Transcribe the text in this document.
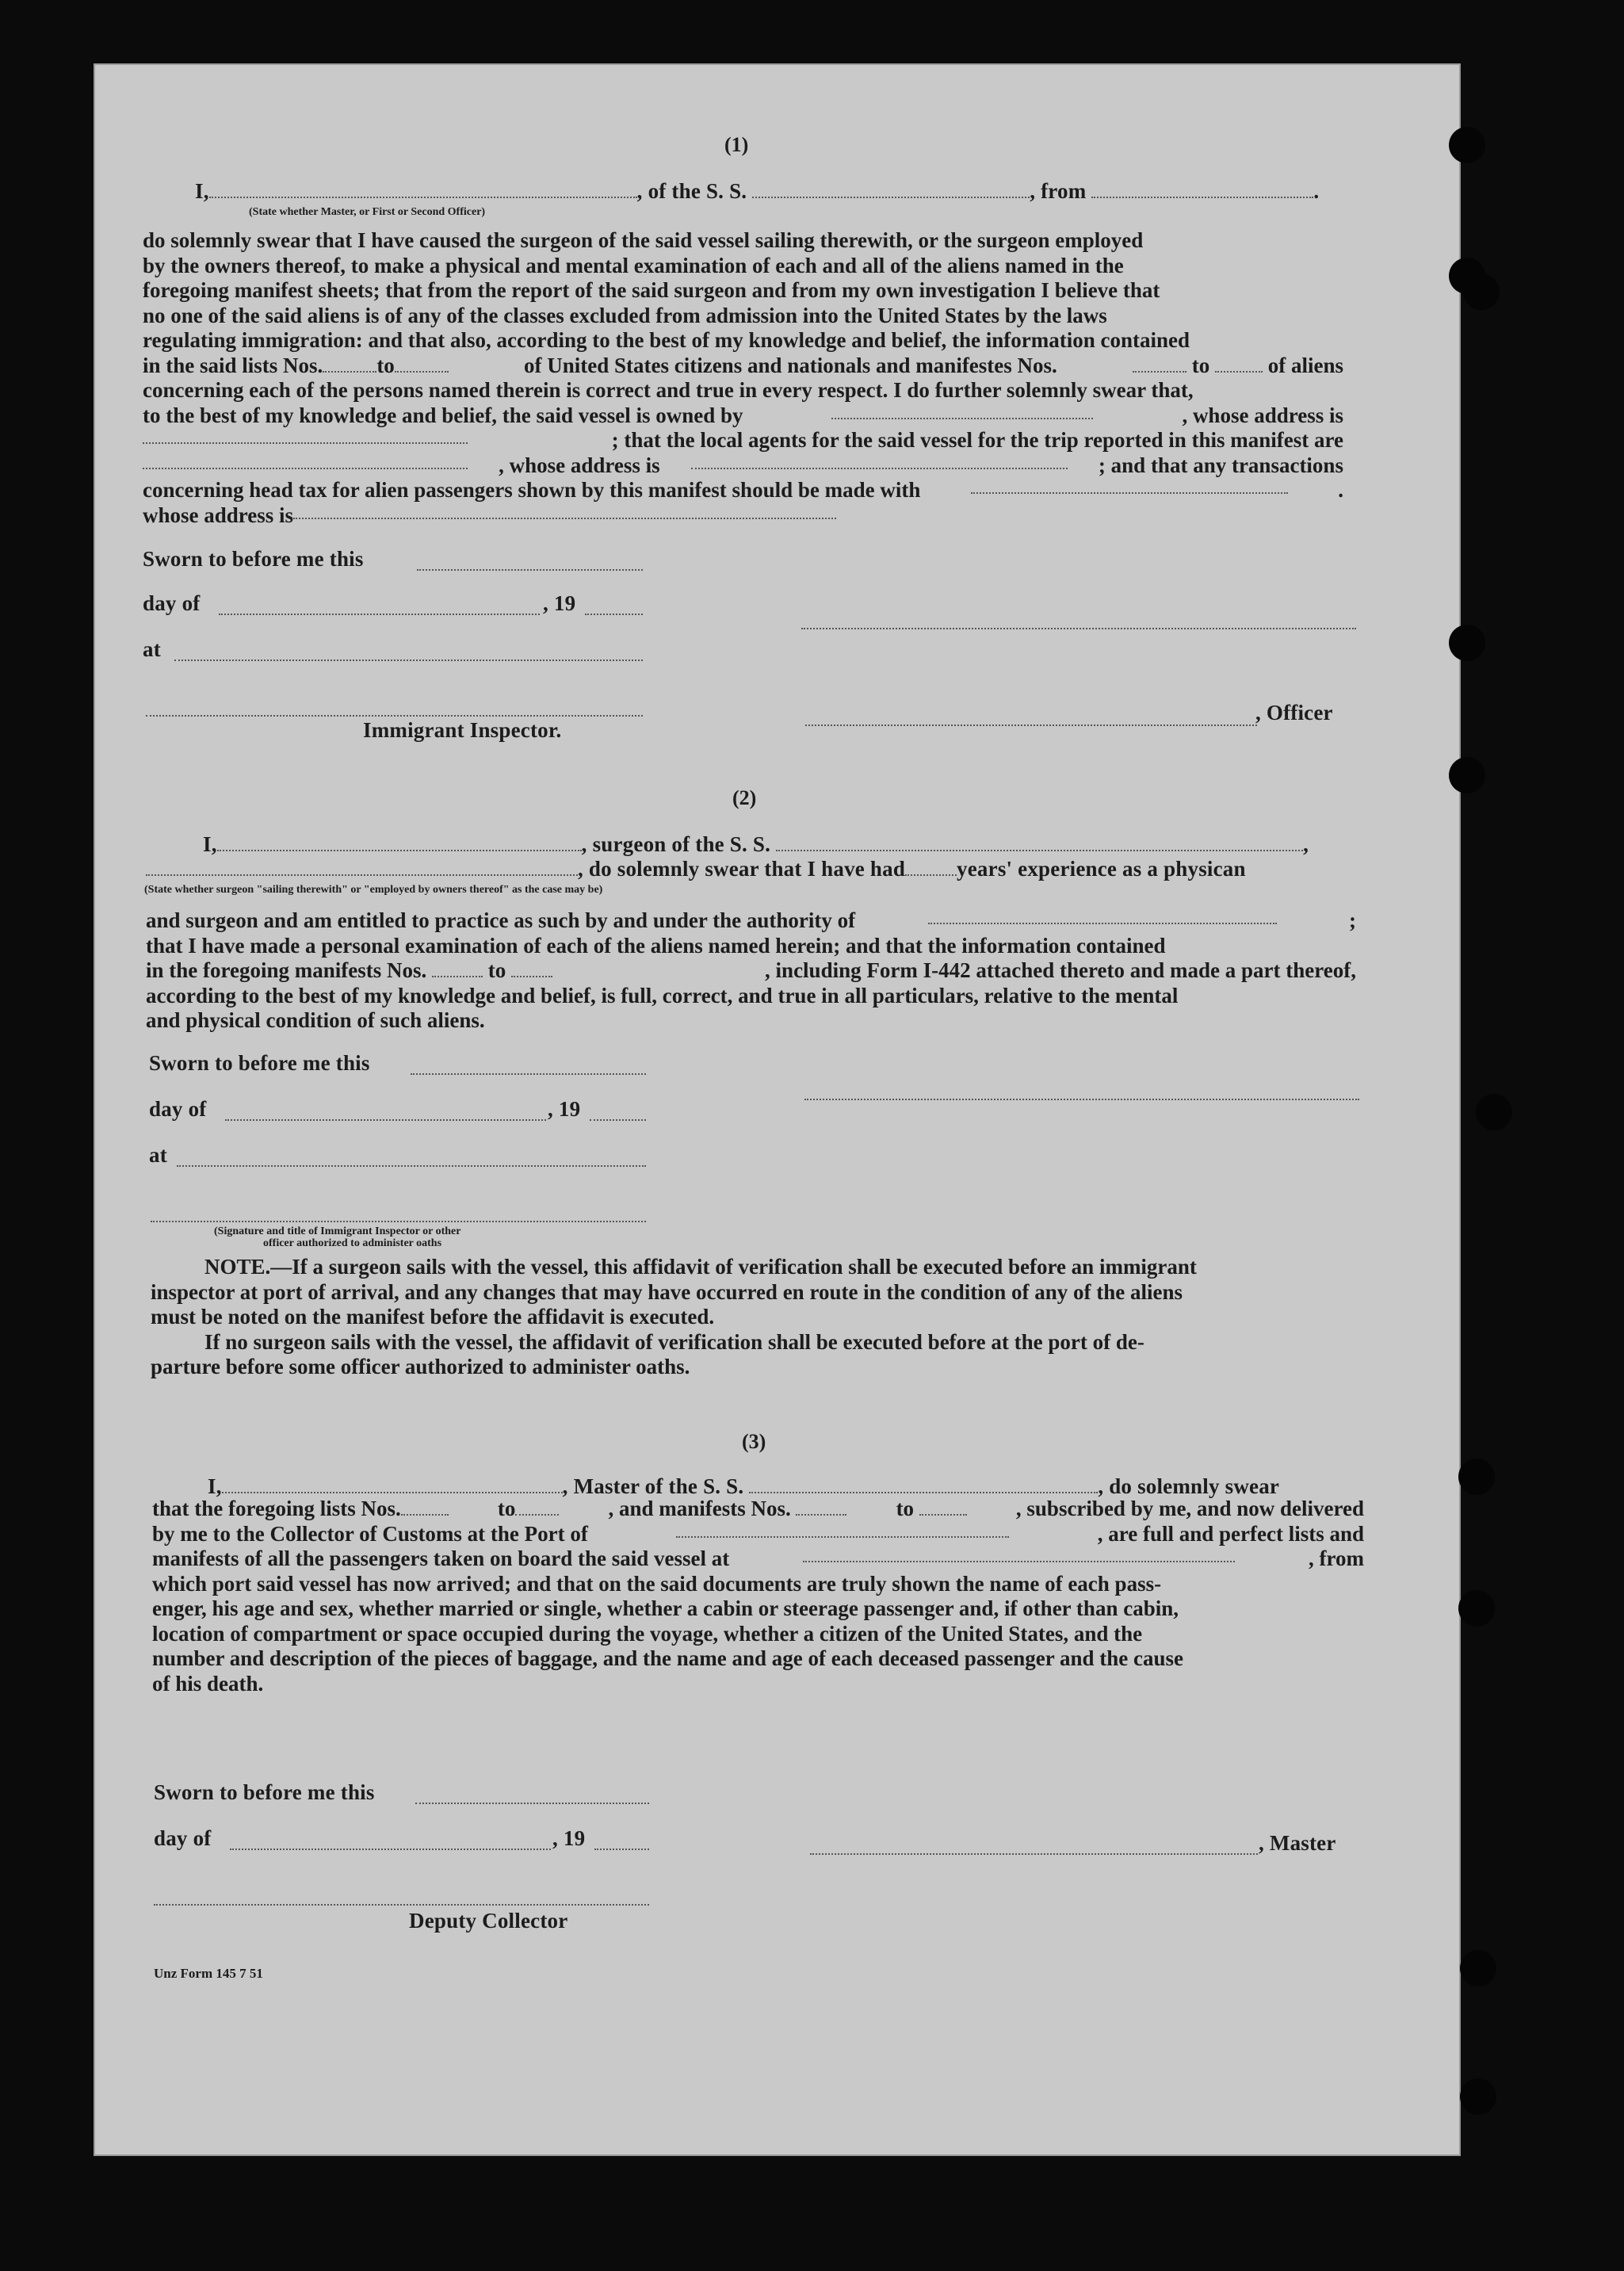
(1)
I,	, of the S. S.	, from	.
(State whether Master, or First or Second Officer)
do solemnly swear that I have caused the surgeon of the said vessel sailing therewith, or the surgeon employed
by the owners thereof, to make a physical and mental examination of each and all of the aliens named in the
foregoing manifest sheets; that from the report of the said surgeon and from my own investigation I believe that
no one of the said aliens is of any of the classes excluded from admission into the United States by the laws
regulating immigration: and that also, according to the best of my knowledge and belief, the information contained
in the said lists Nos.	to	of United States citizens and nationals and manifestes Nos.	to	of aliens
concerning each of the persons named therein is correct and true in every respect. I do further solemnly swear that,
to the best of my knowledge and belief, the said vessel is owned by	, whose address is
; that the local agents for the said vessel for the trip reported in this manifest are
, whose address is	; and that any transactions
concerning head tax for alien passengers shown by this manifest should be made with	.
whose address is
Sworn to before me this
day of	, 19
at
, Officer
Immigrant Inspector.
(2)
I,	, surgeon of the S. S.	,
, do solemnly swear that I have had years' experience as a physican
(State whether surgeon "sailing therewith" or "employed by owners thereof" as the case may be)
and surgeon and am entitled to practice as such by and under the authority of	;
that I have made a personal examination of each of the aliens named herein; and that the information contained
in the foregoing manifests Nos.	to	, including Form I-442 attached thereto and made a part thereof,
according to the best of my knowledge and belief, is full, correct, and true in all particulars, relative to the mental
and physical condition of such aliens.
Sworn to before me this
day of	, 19
at
(Signature and title of Immigrant Inspector or other
officer authorized to administer oaths
NOTE.—If a surgeon sails with the vessel, this affidavit of verification shall be executed before an immigrant
inspector at port of arrival, and any changes that may have occurred en route in the condition of any of the aliens
must be noted on the manifest before the affidavit is executed.
If no surgeon sails with the vessel, the affidavit of verification shall be executed before at the port of de-
parture before some officer authorized to administer oaths.
(3)
I,	, Master of the S. S.	, do solemnly swear
that the foregoing lists Nos.	to	, and manifests Nos.	to	, subscribed by me, and now delivered
by me to the Collector of Customs at the Port of	, are full and perfect lists and
manifests of all the passengers taken on board the said vessel at	, from
which port said vessel has now arrived; and that on the said documents are truly shown the name of each pass-
enger, his age and sex, whether married or single, whether a cabin or steerage passenger and, if other than cabin,
location of compartment or space occupied during the voyage, whether a citizen of the United States, and the
number and description of the pieces of baggage, and the name and age of each deceased passenger and the cause
of his death.
Sworn to before me this
day of	, 19	, Master
Deputy Collector
Unz Form 145 7 51
